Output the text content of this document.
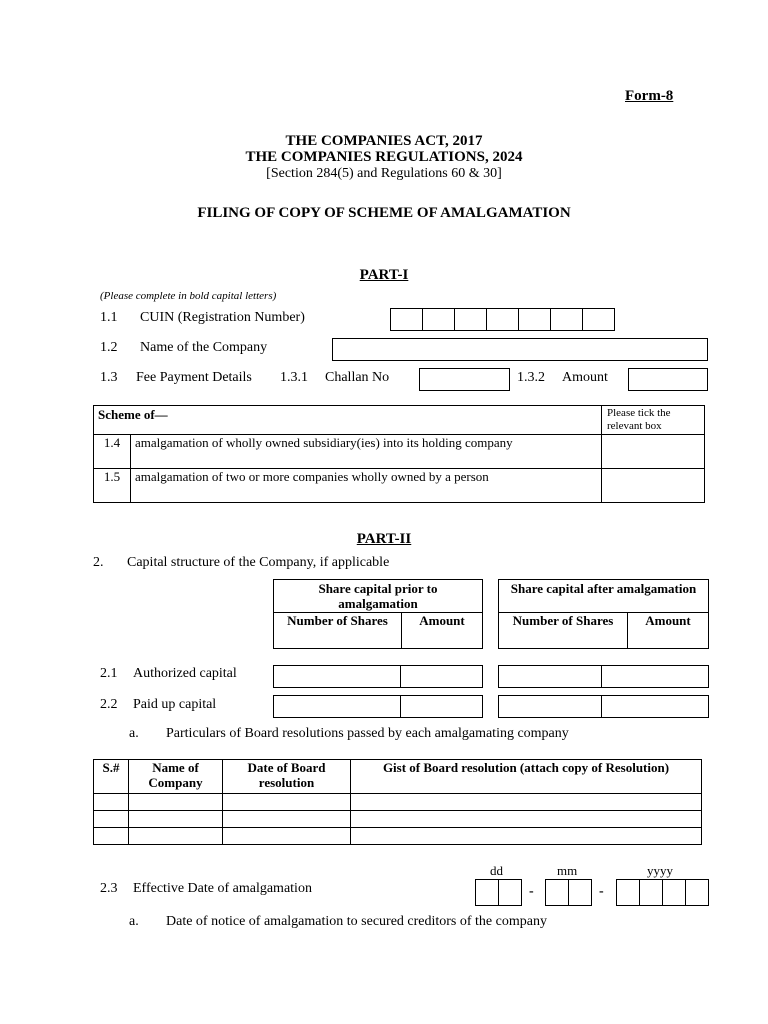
Form-8
THE COMPANIES ACT, 2017
THE COMPANIES REGULATIONS, 2024
[Section 284(5) and Regulations 60 & 30]
FILING OF COPY OF SCHEME OF AMALGAMATION
PART-I
(Please complete in bold capital letters)
1.1 CUIN (Registration Number)
1.2 Name of the Company
1.3 Fee Payment Details 1.3.1 Challan No	1.3.2 Amount
Scheme of—		Please tick the relevant box
1.4	amalgamation of wholly owned subsidiary(ies) into its holding company	
1.5	amalgamation of two or more companies wholly owned by a person	
PART-II
2. Capital structure of the Company, if applicable
Share capital prior to amalgamation
Number of Shares	Amount
Share capital after amalgamation
Number of Shares	Amount
2.1 Authorized capital
2.2 Paid up capital
a. Particulars of Board resolutions passed by each amalgamating company
S.#	Name of Company	Date of Board resolution	Gist of Board resolution (attach copy of Resolution)

dd	mm	yyyy
2.3 Effective Date of amalgamation	-	-
a. Date of notice of amalgamation to secured creditors of the company
